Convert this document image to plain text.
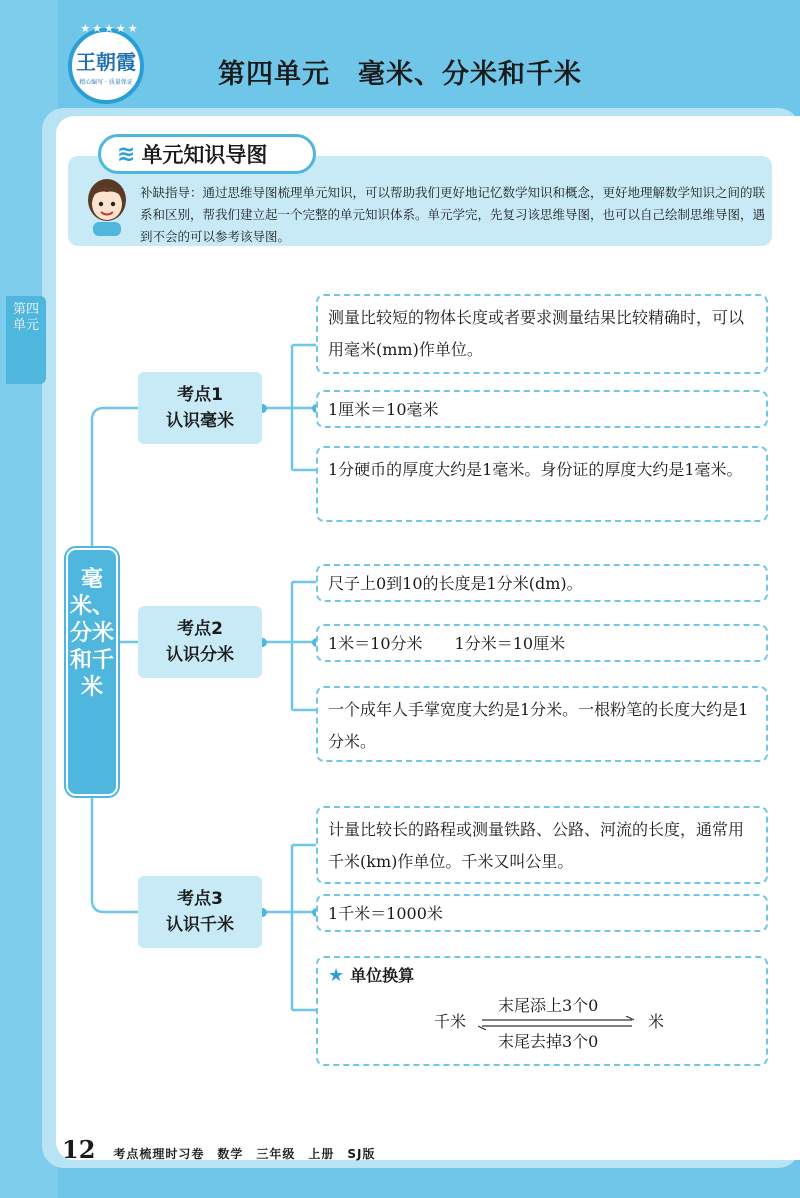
★★★★★
王朝霞
精心编写 · 质量保证	第四单元　毫米、分米和千米
第四单元
≋ 单元知识导图
补缺指导：通过思维导图梳理单元知识，可以帮助我们更好地记忆数学知识和概念，更好地理解数学知识之间的联系和区别，帮我们建立起一个完整的单元知识体系。单元学完，先复习该思维导图，也可以自己绘制思维导图，遇到不会的可以参考该导图。
毫米、分米和千米
考点1
认识毫米
考点2
认识分米
考点3
认识千米
测量比较短的物体长度或者要求测量结果比较精确时，可以用毫米(mm)作单位。
1厘米＝10毫米
1分硬币的厚度大约是1毫米。身份证的厚度大约是1毫米。
尺子上0到10的长度是1分米(dm)。
1米＝10分米　　1分米＝10厘米
一个成年人手掌宽度大约是1分米。一根粉笔的长度大约是1分米。
计量比较长的路程或测量铁路、公路、河流的长度，通常用千米(km)作单位。千米又叫公里。
1千米＝1000米
★ 单位换算
末尾添上3个0
千米	米
末尾去掉3个0
12 考点梳理时习卷　数学　三年级　上册　SJ版
